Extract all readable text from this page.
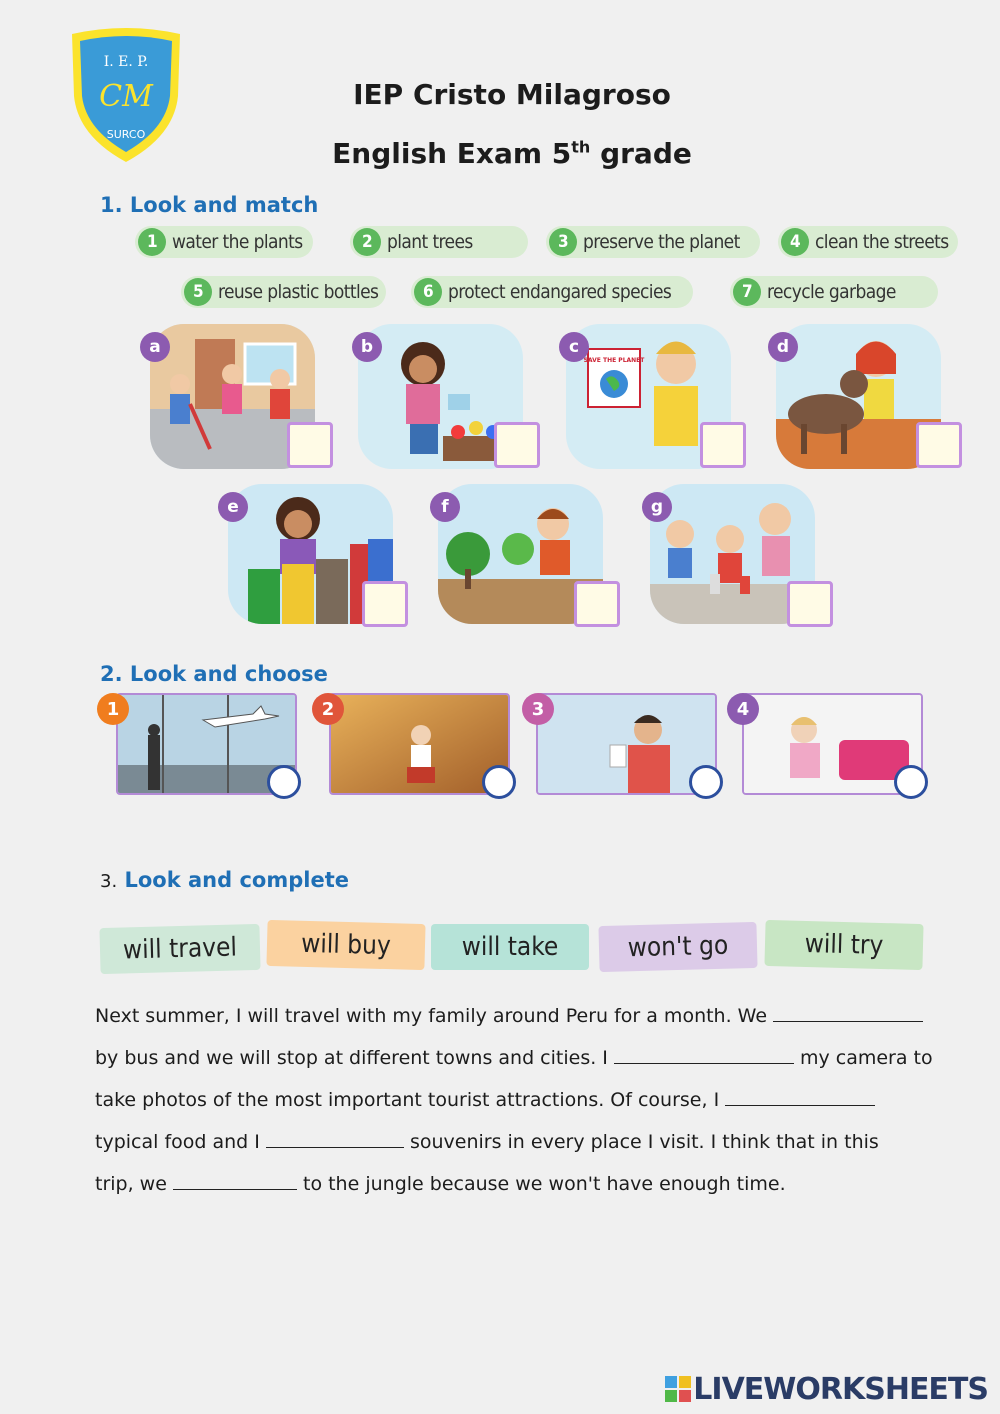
I. E. P.
CM
SURCO
IEP Cristo Milagroso
English Exam 5th grade
1. Look and match
1 water the plants	2 plant trees	3 preserve the planet	4 clean the streets
5 reuse plastic bottles	6 protect endangared species	7 recycle garbage
a	b
SAVE THE PLANET
c	d
e	f	g
2. Look and choose
1	2	3	4
3. Look and complete
will travel	will buy	will take	won't go	will try
Next summer, I will travel with my family around Peru for a month. We
by bus and we will stop at different towns and cities. I	my camera to
take photos of the most important tourist attractions. Of course, I
typical food and I	souvenirs in every place I visit. I think that in this
trip, we	to the jungle because we won't have enough time.
LIVEWORKSHEETS
